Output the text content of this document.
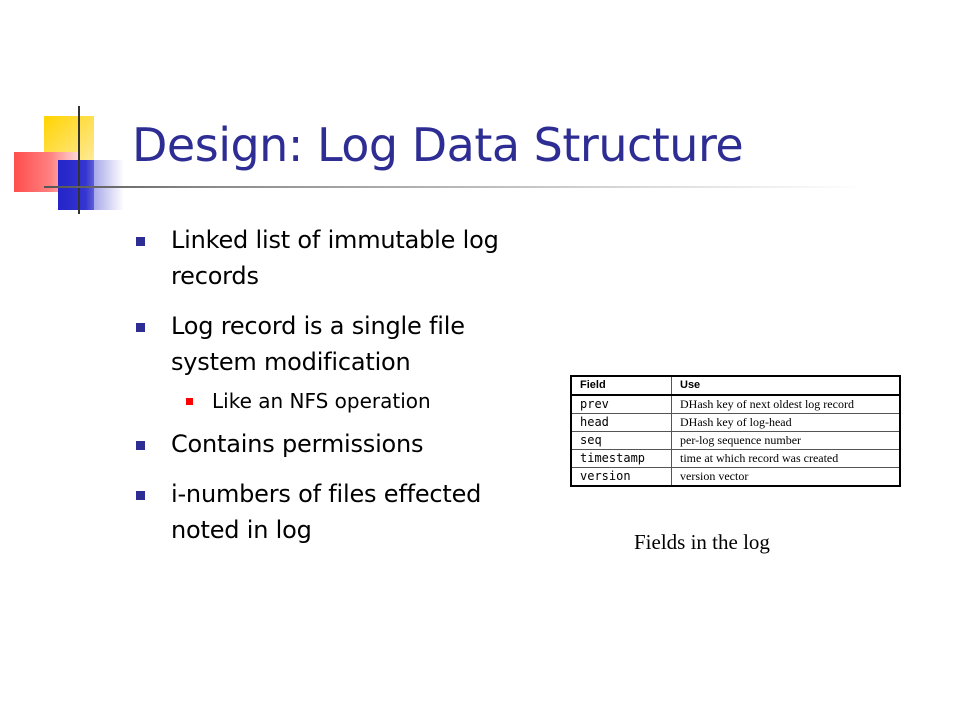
Design: Log Data Structure
Linked list of immutable log records
Log record is a single file system modification
Like an NFS operation
Contains permissions
i-numbers of files effected noted in log
Field	Use
prev	DHash key of next oldest log record
head	DHash key of log-head
seq	per-log sequence number
timestamp	time at which record was created
version	version vector
Fields in the log
